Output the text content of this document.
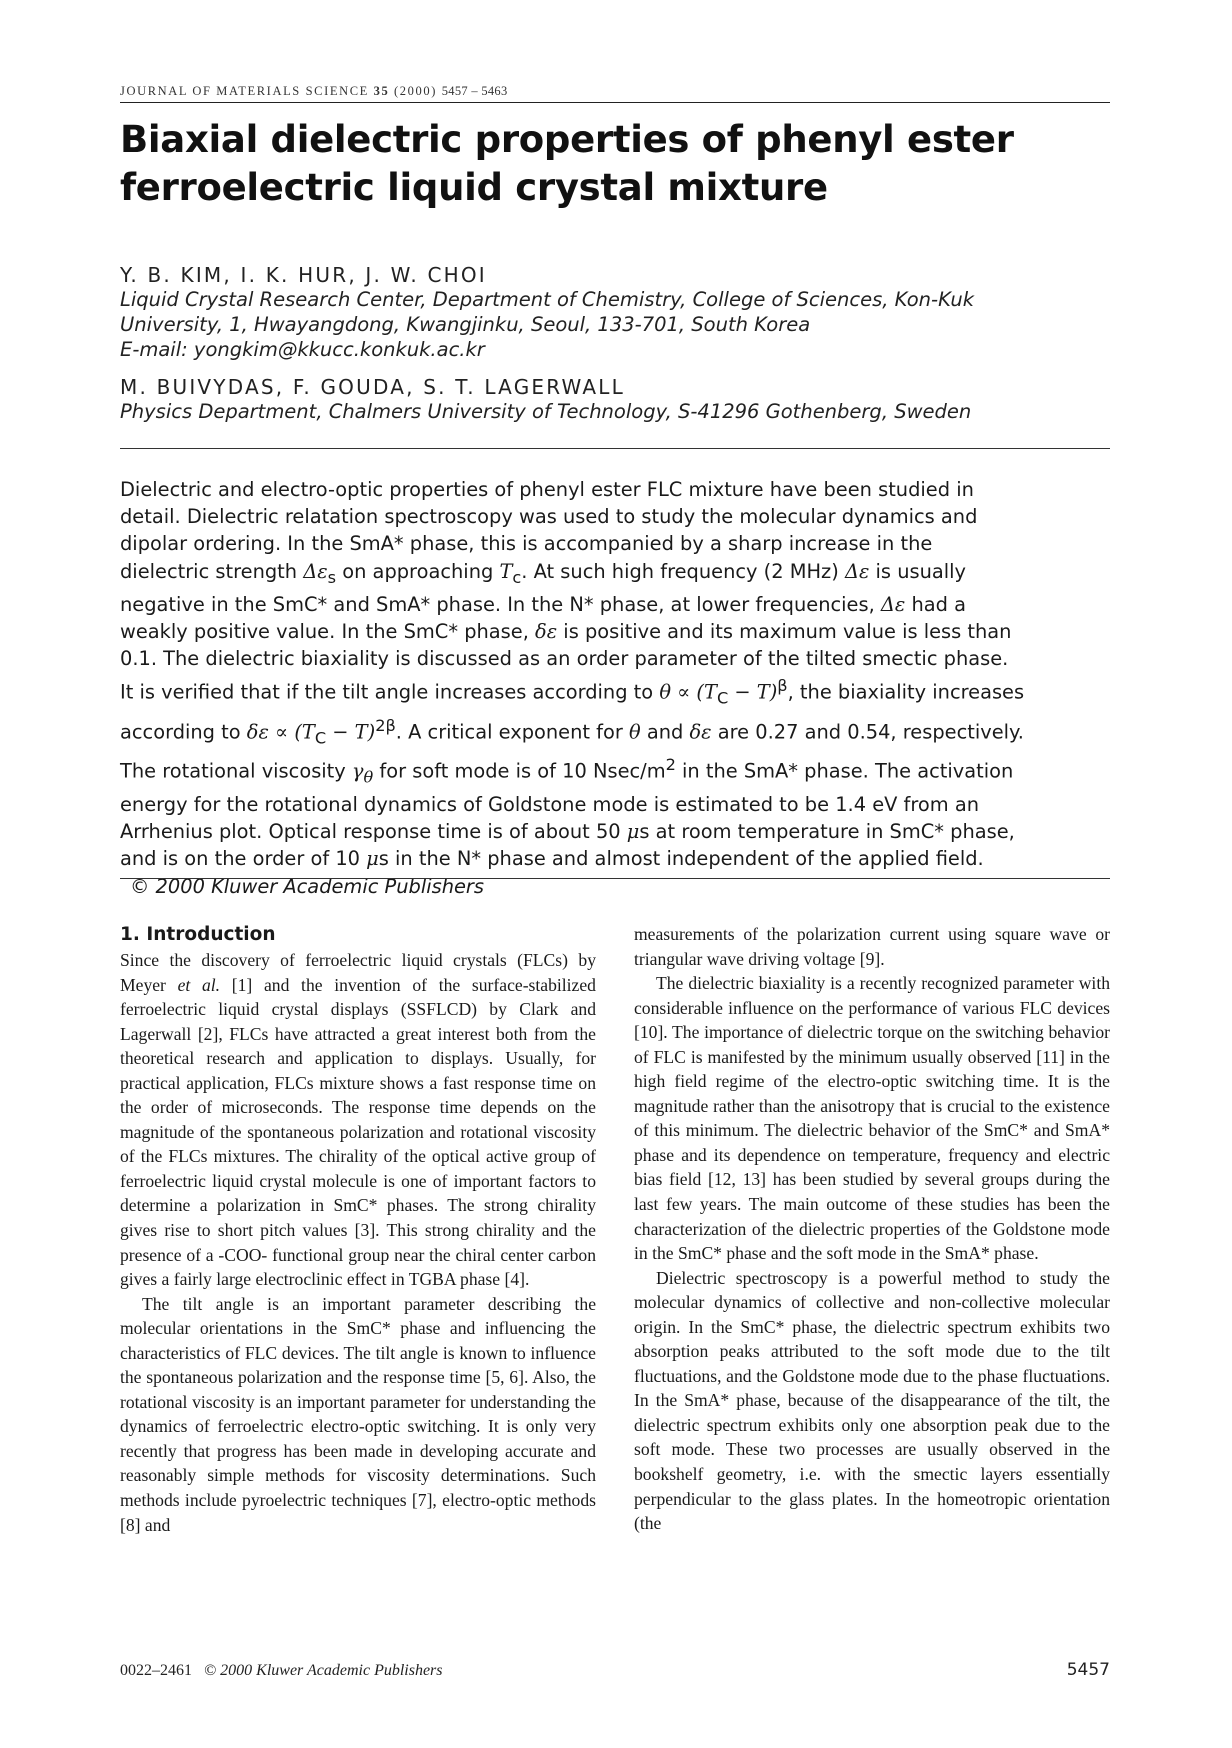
JOURNAL OF MATERIALS SCIENCE 35 (2000) 5457 – 5463
Biaxial dielectric properties of phenyl ester
ferroelectric liquid crystal mixture

Y. B. KIM, I. K. HUR, J. W. CHOI

Liquid Crystal Research Center, Department of Chemistry, College of Sciences, Kon-Kuk
University, 1, Hwayangdong, Kwangjinku, Seoul, 133-701, South Korea
E-mail: yongkim@kkucc.konkuk.ac.kr

M. BUIVYDAS, F. GOUDA, S. T. LAGERWALL

Physics Department, Chalmers University of Technology, S-41296 Gothenberg, Sweden
Dielectric and electro-optic properties of phenyl ester FLC mixture have been studied in
detail. Dielectric relatation spectroscopy was used to study the molecular dynamics and
dipolar ordering. In the SmA* phase, this is accompanied by a sharp increase in the
dielectric strength $\Delta\varepsilon_s$ on approaching $T_c$. At such high frequency (2 MHz) Δε is usually
negative in the SmC* and SmA* phase. In the N* phase, at lower frequencies, Δε had a
weakly positive value. In the SmC* phase, δε is positive and its maximum value is less than
0.1. The dielectric biaxiality is discussed as an order parameter of the tilted smectic phase.
It is verified that if the tilt angle increases according to $\theta \propto (T_C - T)^\beta$, the biaxiality increases
according to $\delta\varepsilon \propto (T_C - T)^{2\beta}$. A critical exponent for θ and δε are 0.27 and 0.54, respectively.
The rotational viscosity $\gamma_\theta$ for soft mode is of 10 Nsec/$m^2$ in the SmA* phase. The activation
energy for the rotational dynamics of Goldstone mode is estimated to be 1.4 eV from an
Arrhenius plot. Optical response time is of about 50 μs at room temperature in SmC* phase,
and is on the order of 10 μs in the N* phase and almost independent of the applied field.
© 2000 Kluwer Academic Publishers
1. Introduction

Since the discovery of ferroelectric liquid crystals (FLCs) by Meyer et al. [1] and the invention of the surface-stabilized ferroelectric liquid crystal displays (SSFLCD) by Clark and Lagerwall [2], FLCs have attracted a great interest both from the theoretical research and application to displays. Usually, for practical application, FLCs mixture shows a fast response time on the order of microseconds. The response time depends on the magnitude of the spontaneous polarization and rotational viscosity of the FLCs mixtures. The chirality of the optical active group of ferroelectric liquid crystal molecule is one of important factors to determine a polarization in SmC* phases. The strong chirality gives rise to short pitch values [3]. This strong chirality and the presence of a -COO- functional group near the chiral center carbon gives a fairly large electroclinic effect in TGBA phase [4].

The tilt angle is an important parameter describing the molecular orientations in the SmC* phase and influencing the characteristics of FLC devices. The tilt angle is known to influence the spontaneous polarization and the response time [5, 6]. Also, the rotational viscosity is an important parameter for understanding the dynamics of ferroelectric electro-optic switching. It is only very recently that progress has been made in developing accurate and reasonably simple methods for viscosity determinations. Such methods include pyroelectric techniques [7], electro-optic methods [8] and

measurements of the polarization current using square wave or triangular wave driving voltage [9].

The dielectric biaxiality is a recently recognized parameter with considerable influence on the performance of various FLC devices [10]. The importance of dielectric torque on the switching behavior of FLC is manifested by the minimum usually observed [11] in the high field regime of the electro-optic switching time. It is the magnitude rather than the anisotropy that is crucial to the existence of this minimum. The dielectric behavior of the SmC* and SmA* phase and its dependence on temperature, frequency and electric bias field [12, 13] has been studied by several groups during the last few years. The main outcome of these studies has been the characterization of the dielectric properties of the Goldstone mode in the SmC* phase and the soft mode in the SmA* phase.

Dielectric spectroscopy is a powerful method to study the molecular dynamics of collective and non-collective molecular origin. In the SmC* phase, the dielectric spectrum exhibits two absorption peaks attributed to the soft mode due to the tilt fluctuations, and the Goldstone mode due to the phase fluctuations. In the SmA* phase, because of the disappearance of the tilt, the dielectric spectrum exhibits only one absorption peak due to the soft mode. These two processes are usually observed in the bookshelf geometry, i.e. with the smectic layers essentially perpendicular to the glass plates. In the homeotropic orientation (the

0022–2461 © 2000 Kluwer Academic Publishers	5457
